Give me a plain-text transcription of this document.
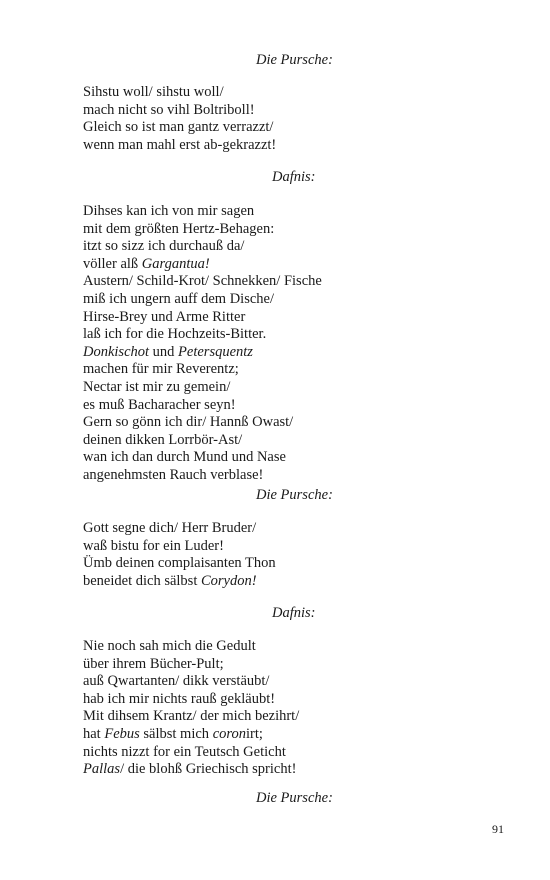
Die Pursche:
Sihstu woll/ sihstu woll/
mach nicht so vihl Boltriboll!
Gleich so ist man gantz verrazzt/
wenn man mahl erst ab-gekrazzt!
Dafnis:
Dihses kan ich von mir sagen
mit dem größten Hertz-Behagen:
itzt so sizz ich durchauß da/
völler alß Gargantua!
Austern/ Schild-Krot/ Schnekken/ Fische
miß ich ungern auff dem Dische/
Hirse-Brey und Arme Ritter
laß ich for die Hochzeits-Bitter.
Donkischot und Petersquentz
machen für mir Reverentz;
Nectar ist mir zu gemein/
es muß Bacharacher seyn!
Gern so gönn ich dir/ Hannß Owast/
deinen dikken Lorrbör-Ast/
wan ich dan durch Mund und Nase
angenehmsten Rauch verblase!
Die Pursche:
Gott segne dich/ Herr Bruder/
waß bistu for ein Luder!
Ümb deinen complaisanten Thon
beneidet dich sälbst Corydon!
Dafnis:
Nie noch sah mich die Gedult
über ihrem Bücher-Pult;
auß Qwartanten/ dikk verstäubt/
hab ich mir nichts rauß gekläubt!
Mit dihsem Krantz/ der mich bezihrt/
hat Febus sälbst mich coronirt;
nichts nizzt for ein Teutsch Geticht
Pallas/ die blohß Griechisch spricht!
Die Pursche:
91
